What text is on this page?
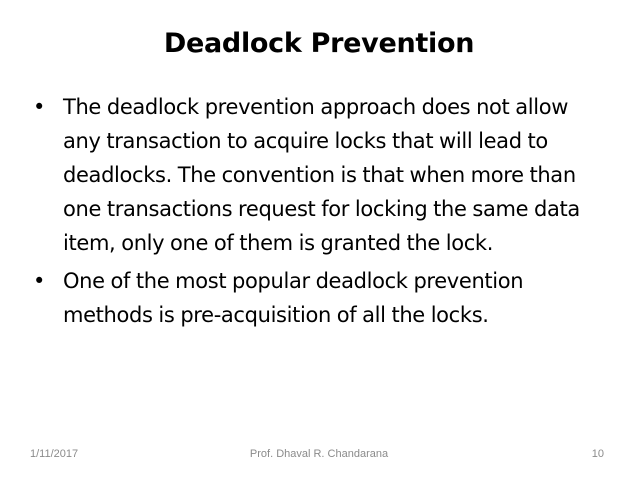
Deadlock Prevention
• The deadlock prevention approach does not allow any transaction to acquire locks that will lead to deadlocks. The convention is that when more than one transactions request for locking the same data item, only one of them is granted the lock.
• One of the most popular deadlock prevention methods is pre-acquisition of all the locks.
Prof. Dhaval R. Chandarana
1/11/2017	10
